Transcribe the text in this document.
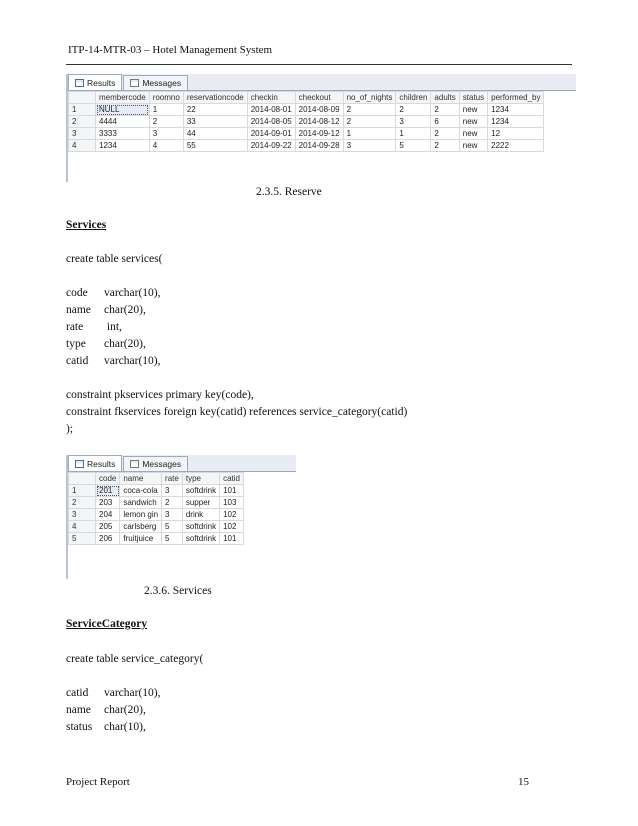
ITP-14-MTR-03 – Hotel Management System
Results	Messages
	membercode	roomno	reservationcode	checkin	checkout	no_of_nights	children	adults	status	performed_by
1	NULL	1	22	2014-08-01	2014-08-09	2	2	2	new	1234
2	4444	2	33	2014-08-05	2014-08-12	2	3	6	new	1234
3	3333	3	44	2014-09-01	2014-09-12	1	1	2	new	12
4	1234	4	55	2014-09-22	2014-09-28	3	5	2	new	2222
2.3.5. Reserve
Services
create table services(
code varchar(10),
name char(20),
rate int,
type char(20),
catid varchar(10),
constraint pkservices primary key(code),
constraint fkservices foreign key(catid) references service_category(catid)
);
Results	Messages
	code	name	rate	type	catid
1	201	coca-cola	3	softdrink	101
2	203	sandwich	2	supper	103
3	204	lemon gin	3	drink	102
4	205	carlsberg	5	softdrink	102
5	206	fruitjuice	5	softdrink	101
2.3.6. Services
ServiceCategory
create table service_category(
catid varchar(10),
name char(20),
status char(10),
Project Report	15
